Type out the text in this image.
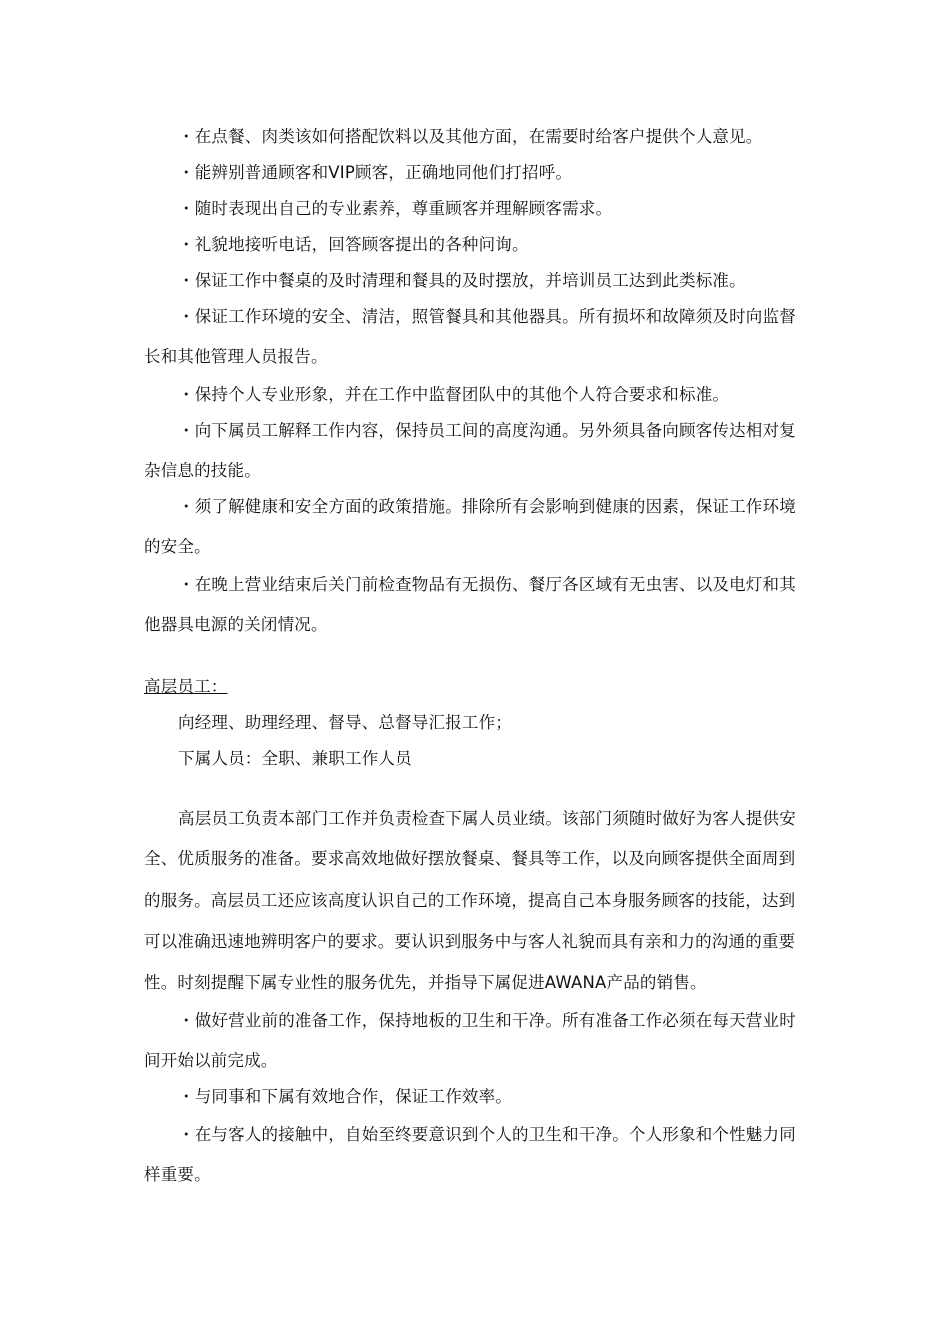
・在点餐、肉类该如何搭配饮料以及其他方面，在需要时给客户提供个人意见。
・能辨别普通顾客和VIP顾客，正确地同他们打招呼。
・随时表现出自己的专业素养，尊重顾客并理解顾客需求。
・礼貌地接听电话，回答顾客提出的各种问询。
・保证工作中餐桌的及时清理和餐具的及时摆放，并培训员工达到此类标准。
・保证工作环境的安全、清洁，照管餐具和其他器具。所有损坏和故障须及时向监督
长和其他管理人员报告。
・保持个人专业形象，并在工作中监督团队中的其他个人符合要求和标准。
・向下属员工解释工作内容，保持员工间的高度沟通。另外须具备向顾客传达相对复
杂信息的技能。
・须了解健康和安全方面的政策措施。排除所有会影响到健康的因素，保证工作环境
的安全。
・在晚上营业结束后关门前检查物品有无损伤、餐厅各区域有无虫害、以及电灯和其
他器具电源的关闭情况。
高层员工：
向经理、助理经理、督导、总督导汇报工作；
下属人员：全职、兼职工作人员
高层员工负责本部门工作并负责检查下属人员业绩。该部门须随时做好为客人提供安
全、优质服务的准备。要求高效地做好摆放餐桌、餐具等工作，以及向顾客提供全面周到
的服务。高层员工还应该高度认识自己的工作环境，提高自己本身服务顾客的技能，达到
可以准确迅速地辨明客户的要求。要认识到服务中与客人礼貌而具有亲和力的沟通的重要
性。时刻提醒下属专业性的服务优先，并指导下属促进AWANA产品的销售。
・做好营业前的准备工作，保持地板的卫生和干净。所有准备工作必须在每天营业时
间开始以前完成。
・与同事和下属有效地合作，保证工作效率。
・在与客人的接触中，自始至终要意识到个人的卫生和干净。个人形象和个性魅力同
样重要。
